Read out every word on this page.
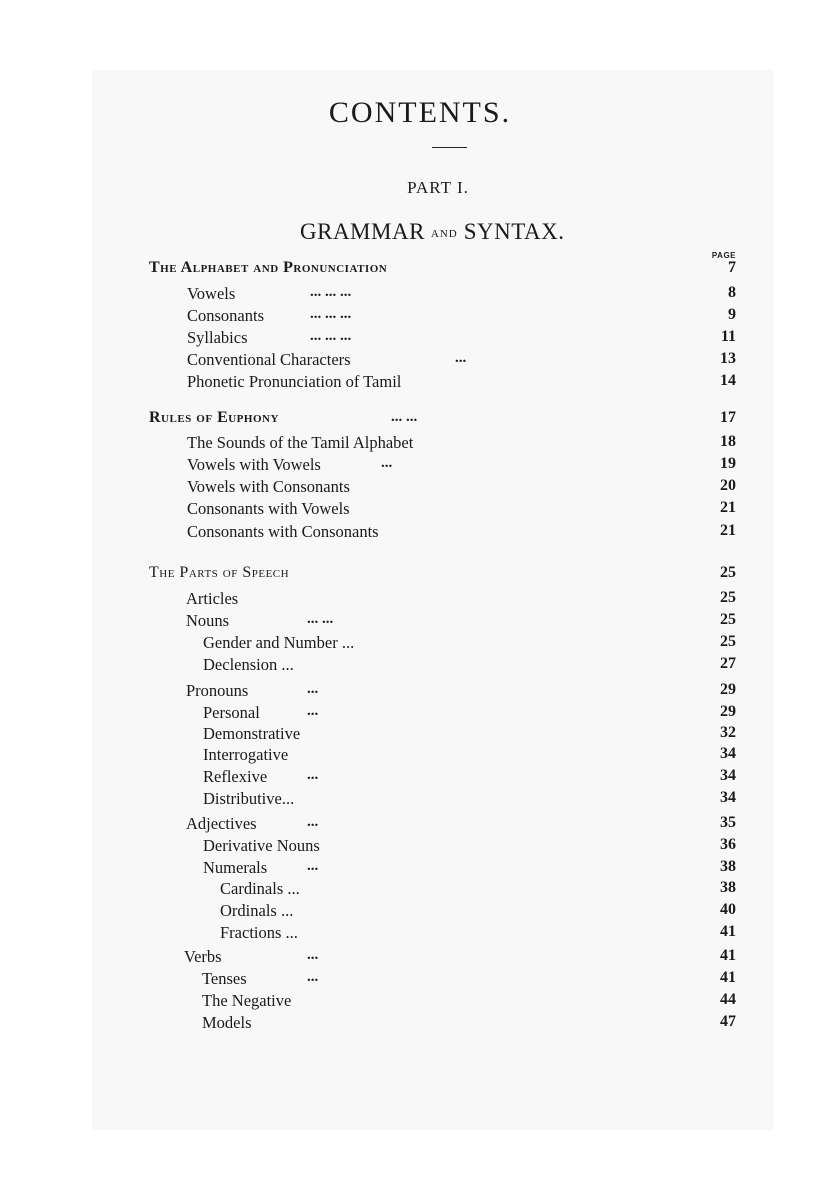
CONTENTS.
PART I.
GRAMMAR AND SYNTAX.
PAGE
The Alphabet and Pronunciation	7
Vowels	... ... ...	8
Consonants	... ... ...	9
Syllabics	... ... ...	11
Conventional Characters	...	13
Phonetic Pronunciation of Tamil	14
Rules of Euphony	... ...	17
The Sounds of the Tamil Alphabet	18
Vowels with Vowels	...	19
Vowels with Consonants	20
Consonants with Vowels	21
Consonants with Consonants	21
The Parts of Speech	25
Articles	25
Nouns	... ...	25
Gender and Number ...	25
Declension ...	27
Pronouns	...	29
Personal	...	29
Demonstrative	32
Interrogative	34
Reflexive	...	34
Distributive...	34
Adjectives	...	35
Derivative Nouns	36
Numerals	...	38
Cardinals ...	38
Ordinals ...	40
Fractions ...	41
Verbs	...	41
Tenses	...	41
The Negative	44
Models	47
